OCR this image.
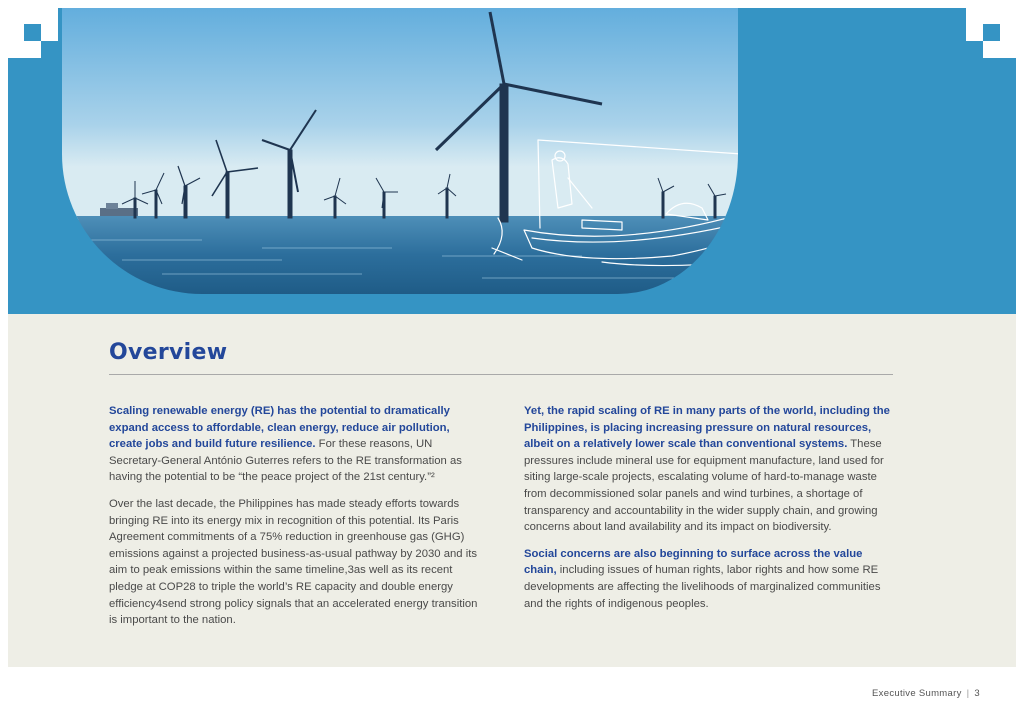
Overview

Scaling renewable energy (RE) has the potential to dramatically expand access to affordable, clean energy, reduce air pollution, create jobs and build future resilience. For these reasons, UN Secretary-General António Guterres refers to the RE transformation as having the potential to be “the peace project of the 21st century.”²

Over the last decade, the Philippines has made steady efforts towards bringing RE into its energy mix in recognition of this potential. Its Paris Agreement commitments of a 75% reduction in greenhouse gas (GHG) emissions against a projected business-as-usual pathway by 2030 and its aim to peak emissions within the same timeline,3as well as its recent pledge at COP28 to triple the world’s RE capacity and double energy efficiency4send strong policy signals that an accelerated energy transition is important to the nation.

Yet, the rapid scaling of RE in many parts of the world, including the Philippines, is placing increasing pressure on natural resources, albeit on a relatively lower scale than conventional systems. These pressures include mineral use for equipment manufacture, land used for siting large-scale projects, escalating volume of hard-to-manage waste from decommissioned solar panels and wind turbines, a shortage of transparency and accountability in the wider supply chain, and growing concerns about land availability and its impact on biodiversity.

Social concerns are also beginning to surface across the value chain, including issues of human rights, labor rights and how some RE developments are affecting the livelihoods of marginalized communities and the rights of indigenous peoples.

Executive Summary | 3
